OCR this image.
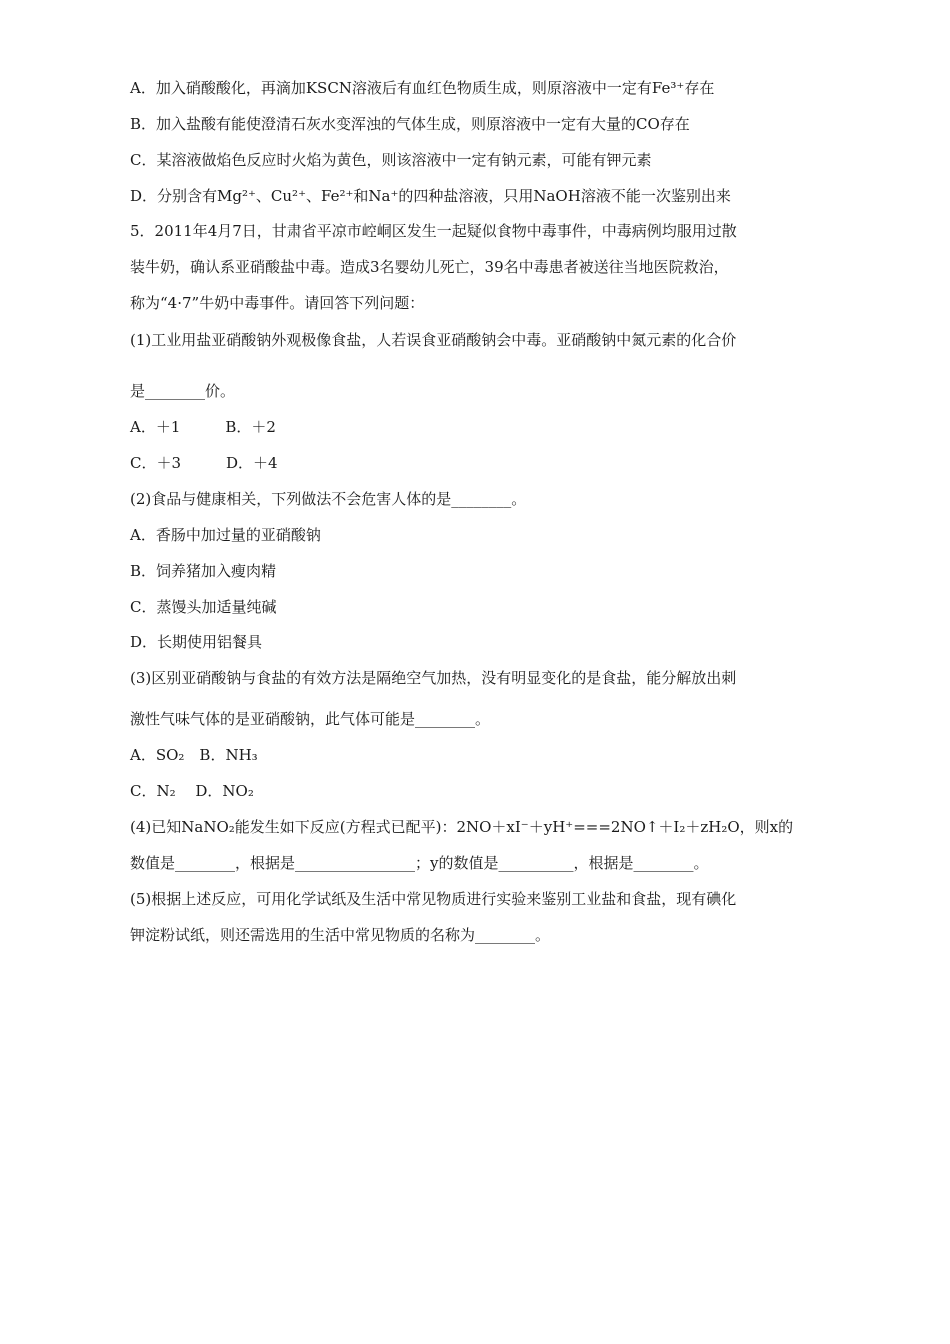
A．加入硝酸酸化，再滴加KSCN溶液后有血红色物质生成，则原溶液中一定有Fe³⁺存在
B．加入盐酸有能使澄清石灰水变浑浊的气体生成，则原溶液中一定有大量的CO存在
C．某溶液做焰色反应时火焰为黄色，则该溶液中一定有钠元素，可能有钾元素
D．分别含有Mg²⁺、Cu²⁺、Fe²⁺和Na⁺的四种盐溶液，只用NaOH溶液不能一次鉴别出来
5．2011年4月7日，甘肃省平凉市崆峒区发生一起疑似食物中毒事件，中毒病例均服用过散
装牛奶，确认系亚硝酸盐中毒。造成3名婴幼儿死亡，39名中毒患者被送往当地医院救治，
称为“4·7”牛奶中毒事件。请回答下列问题：
(1)工业用盐亚硝酸钠外观极像食盐，人若误食亚硝酸钠会中毒。亚硝酸钠中氮元素的化合价
是________价。
A．＋1　　　B．＋2
C．＋3　　　D．＋4
(2)食品与健康相关，下列做法不会危害人体的是________。
A．香肠中加过量的亚硝酸钠
B．饲养猪加入瘦肉精
C．蒸馒头加适量纯碱
D．长期使用铝餐具
(3)区别亚硝酸钠与食盐的有效方法是隔绝空气加热，没有明显变化的是食盐，能分解放出刺
激性气味气体的是亚硝酸钠，此气体可能是________。
A．SO₂　B．NH₃
C．N₂　 D．NO₂
(4)已知NaNO₂能发生如下反应(方程式已配平)：2NO＋xI⁻＋yH⁺===2NO↑＋I₂＋zH₂O，则x的
数值是________，根据是________________；y的数值是__________，根据是________。
(5)根据上述反应，可用化学试纸及生活中常见物质进行实验来鉴别工业盐和食盐，现有碘化
钾淀粉试纸，则还需选用的生活中常见物质的名称为________。
